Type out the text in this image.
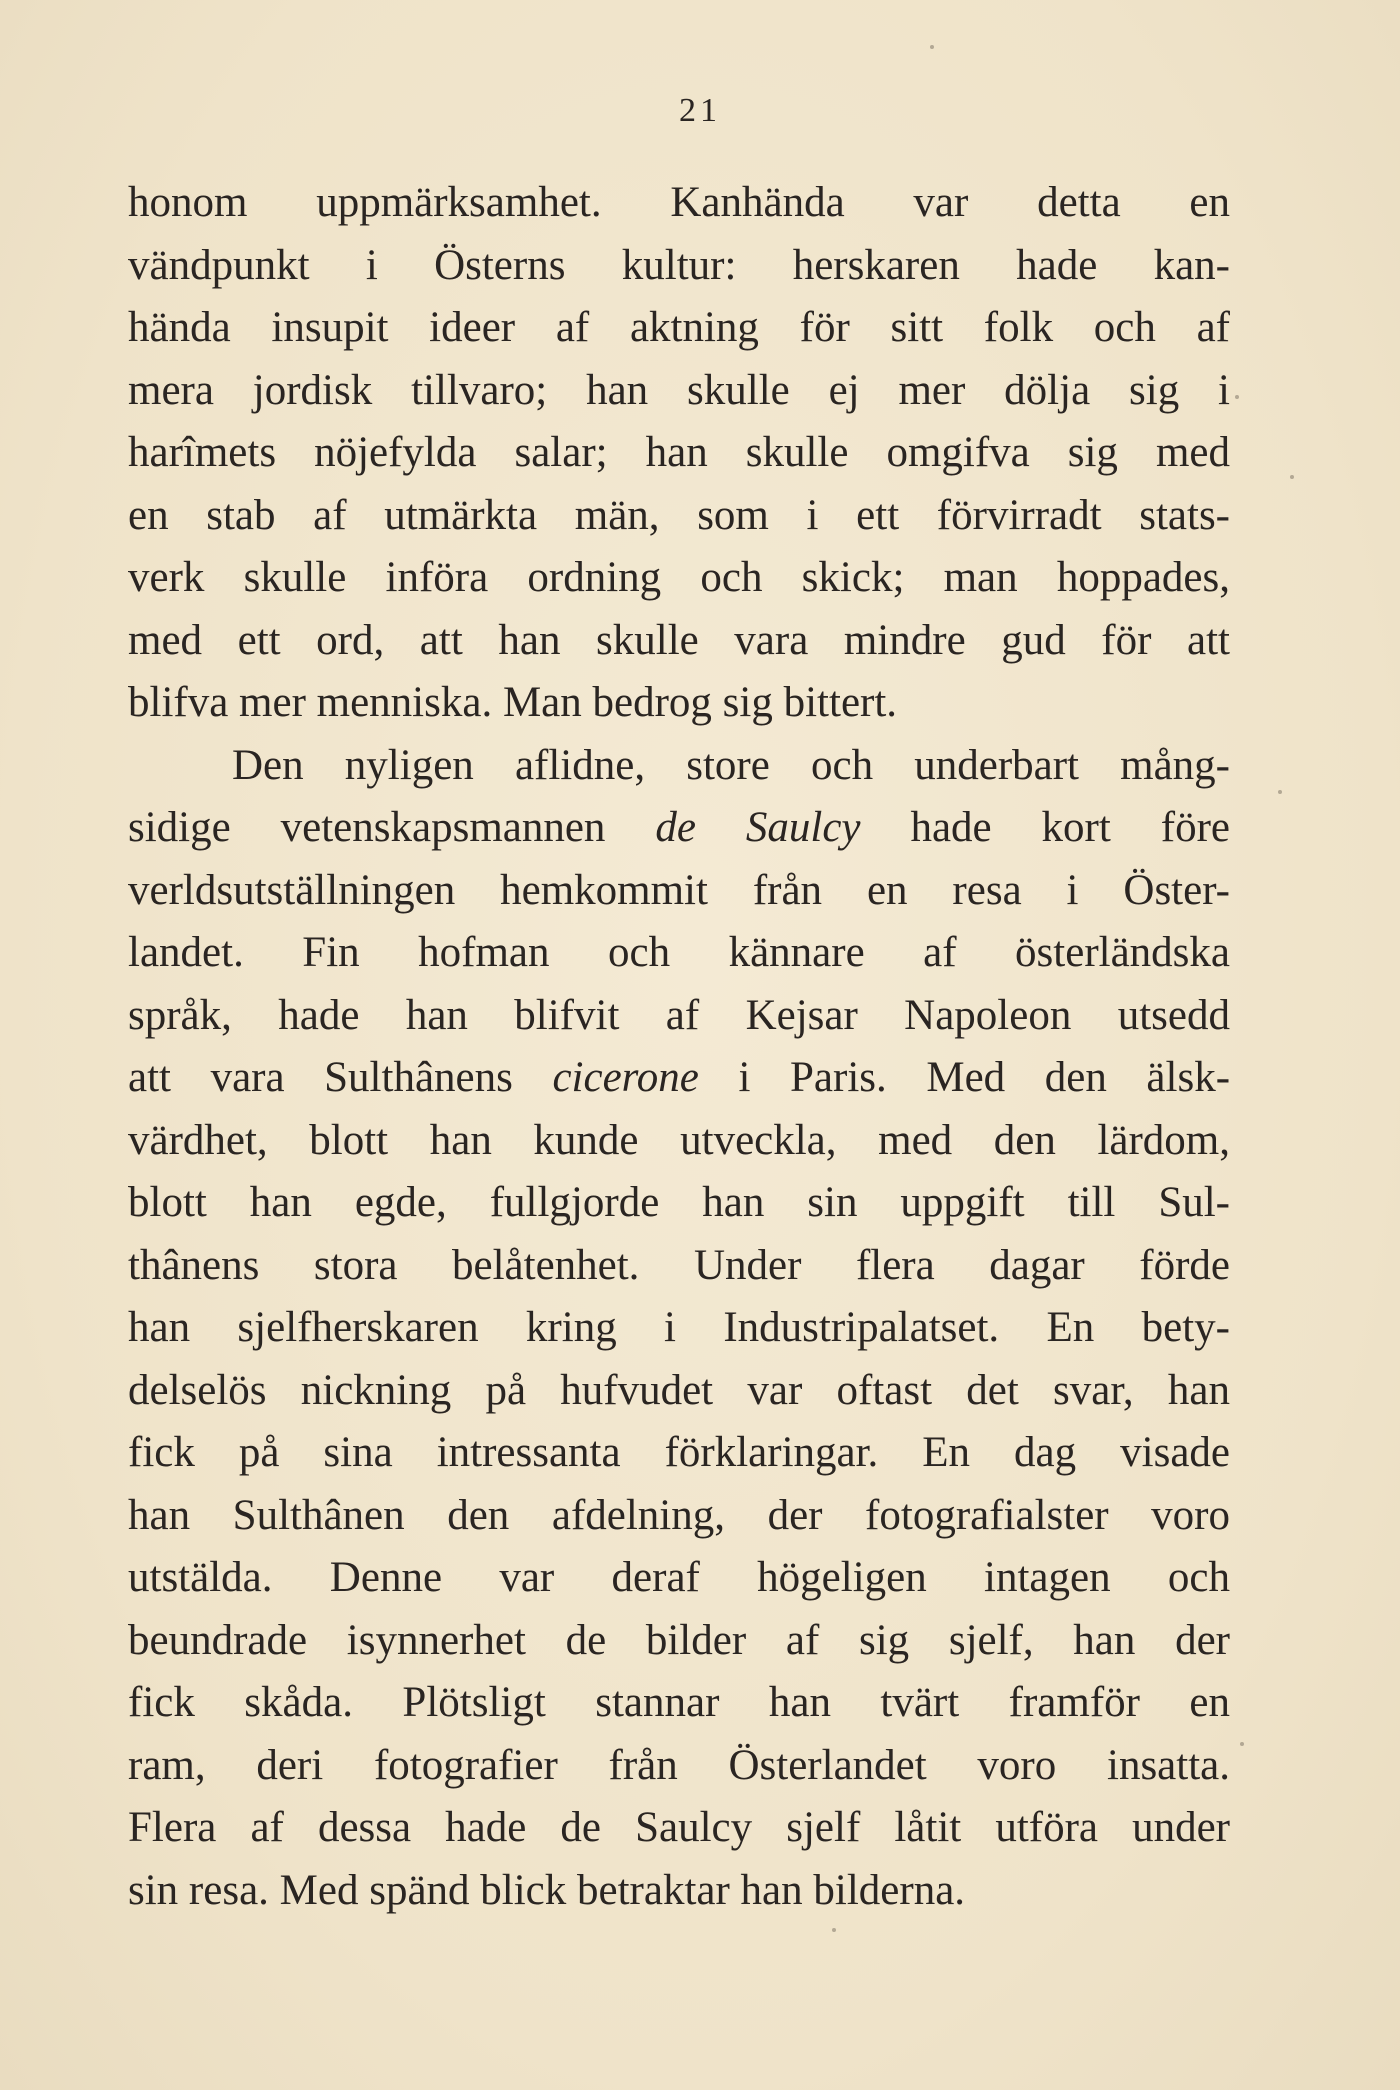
21
honom uppmärksamhet. Kanhända var detta en
vändpunkt i Österns kultur: herskaren hade kan-
hända insupit ideer af aktning för sitt folk och af
mera jordisk tillvaro; han skulle ej mer dölja sig i
harîmets nöjefylda salar; han skulle omgifva sig med
en stab af utmärkta män, som i ett förvirradt stats-
verk skulle införa ordning och skick; man hoppades,
med ett ord, att han skulle vara mindre gud för att
blifva mer menniska. Man bedrog sig bittert.
Den nyligen aflidne, store och underbart mång-
sidige vetenskapsmannen de Saulcy hade kort före
verldsutställningen hemkommit från en resa i Öster-
landet. Fin hofman och kännare af österländska
språk, hade han blifvit af Kejsar Napoleon utsedd
att vara Sulthânens cicerone i Paris. Med den älsk-
värdhet, blott han kunde utveckla, med den lärdom,
blott han egde, fullgjorde han sin uppgift till Sul-
thânens stora belåtenhet. Under flera dagar förde
han sjelfherskaren kring i Industripalatset. En bety-
delselös nickning på hufvudet var oftast det svar, han
fick på sina intressanta förklaringar. En dag visade
han Sulthânen den afdelning, der fotografialster voro
utstälda. Denne var deraf högeligen intagen och
beundrade isynnerhet de bilder af sig sjelf, han der
fick skåda. Plötsligt stannar han tvärt framför en
ram, deri fotografier från Österlandet voro insatta.
Flera af dessa hade de Saulcy sjelf låtit utföra under
sin resa. Med spänd blick betraktar han bilderna.
